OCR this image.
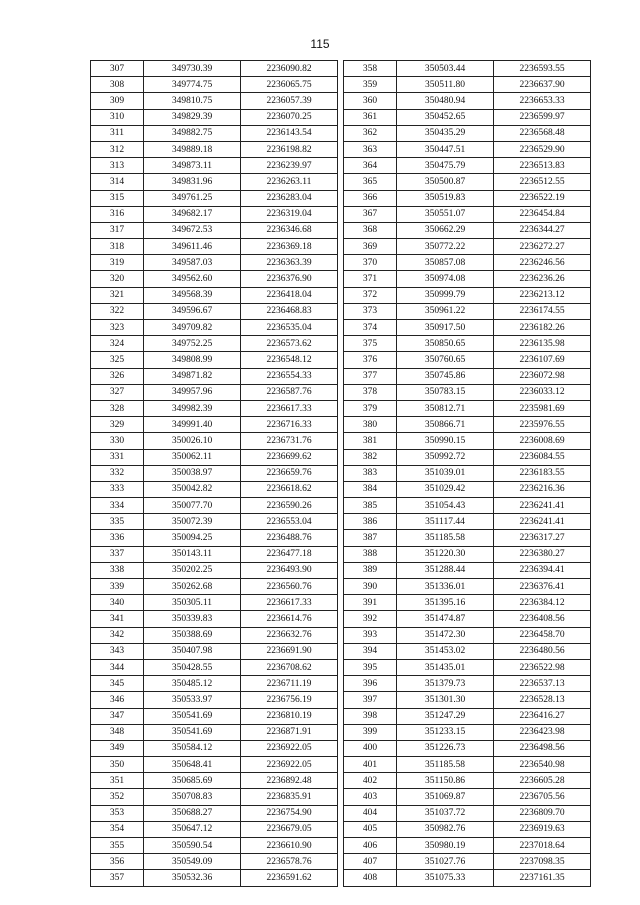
115
307	349730.39	2236090.82
308	349774.75	2236065.75
309	349810.75	2236057.39
310	349829.39	2236070.25
311	349882.75	2236143.54
312	349889.18	2236198.82
313	349873.11	2236239.97
314	349831.96	2236263.11
315	349761.25	2236283.04
316	349682.17	2236319.04
317	349672.53	2236346.68
318	349611.46	2236369.18
319	349587.03	2236363.39
320	349562.60	2236376.90
321	349568.39	2236418.04
322	349596.67	2236468.83
323	349709.82	2236535.04
324	349752.25	2236573.62
325	349808.99	2236548.12
326	349871.82	2236554.33
327	349957.96	2236587.76
328	349982.39	2236617.33
329	349991.40	2236716.33
330	350026.10	2236731.76
331	350062.11	2236699.62
332	350038.97	2236659.76
333	350042.82	2236618.62
334	350077.70	2236590.26
335	350072.39	2236553.04
336	350094.25	2236488.76
337	350143.11	2236477.18
338	350202.25	2236493.90
339	350262.68	2236560.76
340	350305.11	2236617.33
341	350339.83	2236614.76
342	350388.69	2236632.76
343	350407.98	2236691.90
344	350428.55	2236708.62
345	350485.12	2236711.19
346	350533.97	2236756.19
347	350541.69	2236810.19
348	350541.69	2236871.91
349	350584.12	2236922.05
350	350648.41	2236922.05
351	350685.69	2236892.48
352	350708.83	2236835.91
353	350688.27	2236754.90
354	350647.12	2236679.05
355	350590.54	2236610.90
356	350549.09	2236578.76
357	350532.36	2236591.62
358	350503.44	2236593.55
359	350511.80	2236637.90
360	350480.94	2236653.33
361	350452.65	2236599.97
362	350435.29	2236568.48
363	350447.51	2236529.90
364	350475.79	2236513.83
365	350500.87	2236512.55
366	350519.83	2236522.19
367	350551.07	2236454.84
368	350662.29	2236344.27
369	350772.22	2236272.27
370	350857.08	2236246.56
371	350974.08	2236236.26
372	350999.79	2236213.12
373	350961.22	2236174.55
374	350917.50	2236182.26
375	350850.65	2236135.98
376	350760.65	2236107.69
377	350745.86	2236072.98
378	350783.15	2236033.12
379	350812.71	2235981.69
380	350866.71	2235976.55
381	350990.15	2236008.69
382	350992.72	2236084.55
383	351039.01	2236183.55
384	351029.42	2236216.36
385	351054.43	2236241.41
386	351117.44	2236241.41
387	351185.58	2236317.27
388	351220.30	2236380.27
389	351288.44	2236394.41
390	351336.01	2236376.41
391	351395.16	2236384.12
392	351474.87	2236408.56
393	351472.30	2236458.70
394	351453.02	2236480.56
395	351435.01	2236522.98
396	351379.73	2236537.13
397	351301.30	2236528.13
398	351247.29	2236416.27
399	351233.15	2236423.98
400	351226.73	2236498.56
401	351185.58	2236540.98
402	351150.86	2236605.28
403	351069.87	2236705.56
404	351037.72	2236809.70
405	350982.76	2236919.63
406	350980.19	2237018.64
407	351027.76	2237098.35
408	351075.33	2237161.35
